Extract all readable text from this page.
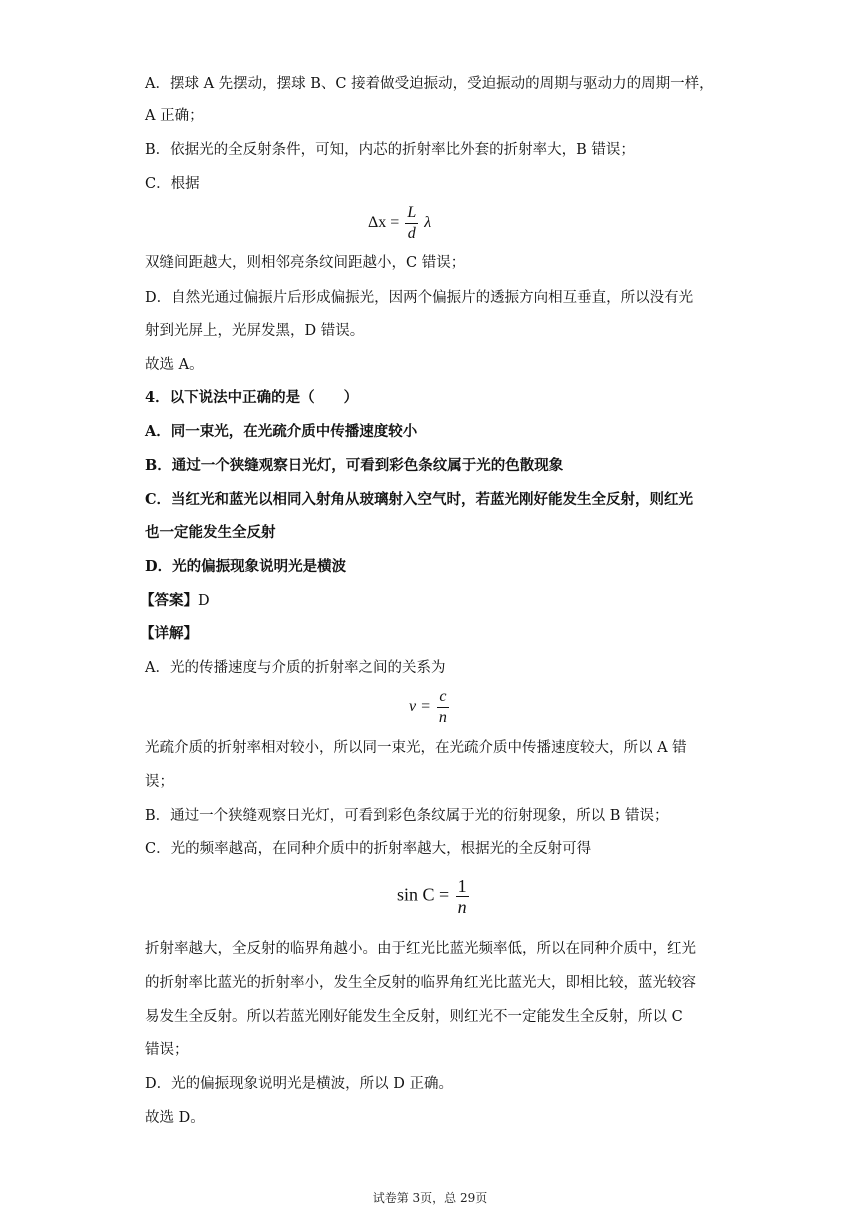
A．摆球 A 先摆动，摆球 B、C 接着做受迫振动，受迫振动的周期与驱动力的周期一样，
A 正确；
B．依据光的全反射条件，可知，内芯的折射率比外套的折射率大，B 错误；
C．根据
$\Delta x = \frac{L}{d}$ λ
双缝间距越大，则相邻亮条纹间距越小，C 错误；
D．自然光通过偏振片后形成偏振光，因两个偏振片的透振方向相互垂直，所以没有光
射到光屏上，光屏发黑，D 错误。
故选 A。
4．以下说法中正确的是（　　）
A．同一束光，在光疏介质中传播速度较小
B．通过一个狭缝观察日光灯，可看到彩色条纹属于光的色散现象
C．当红光和蓝光以相同入射角从玻璃射入空气时，若蓝光刚好能发生全反射，则红光
也一定能发生全反射
D．光的偏振现象说明光是横波
【答案】D
【详解】
A．光的传播速度与介质的折射率之间的关系为
$v = \frac{c}{n}$
光疏介质的折射率相对较小，所以同一束光，在光疏介质中传播速度较大，所以 A 错
误；
B．通过一个狭缝观察日光灯，可看到彩色条纹属于光的衍射现象，所以 B 错误；
C．光的频率越高，在同种介质中的折射率越大，根据光的全反射可得
$\sin C = \frac{1}{n}$
折射率越大，全反射的临界角越小。由于红光比蓝光频率低，所以在同种介质中，红光
的折射率比蓝光的折射率小，发生全反射的临界角红光比蓝光大，即相比较，蓝光较容
易发生全反射。所以若蓝光刚好能发生全反射，则红光不一定能发生全反射，所以 C
错误；
D．光的偏振现象说明光是横波，所以 D 正确。
故选 D。
试卷第 3页，总 29页
